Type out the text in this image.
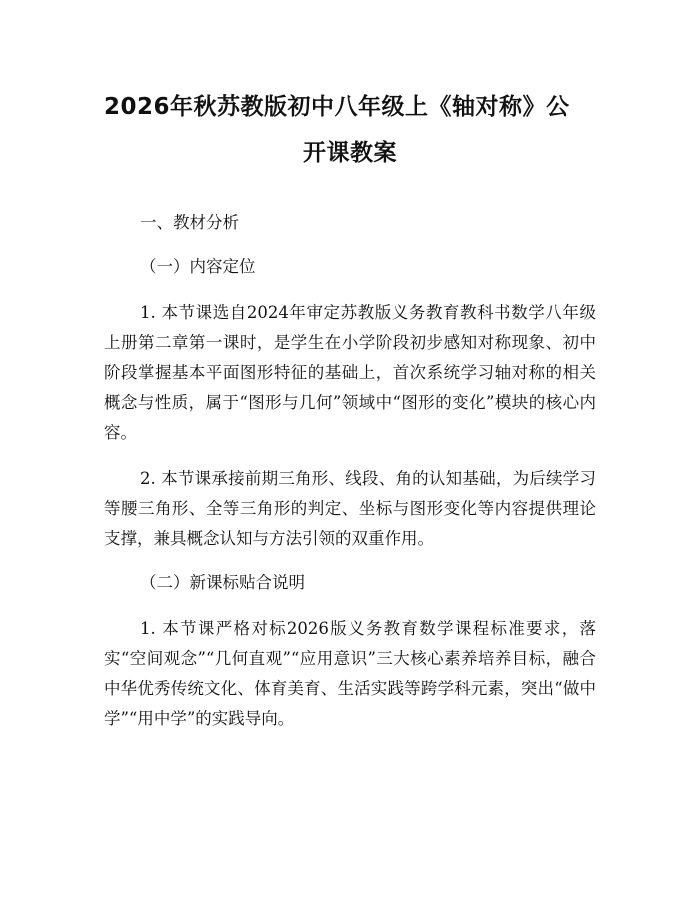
2026年秋苏教版初中八年级上《轴对称》公
开课教案

一、教材分析

（一）内容定位

1. 本节课选自2024年审定苏教版义务教育教科书数学八年级上册第二章第一课时，是学生在小学阶段初步感知对称现象、初中阶段掌握基本平面图形特征的基础上，首次系统学习轴对称的相关概念与性质，属于“图形与几何”领域中“图形的变化”模块的核心内容。

2. 本节课承接前期三角形、线段、角的认知基础，为后续学习等腰三角形、全等三角形的判定、坐标与图形变化等内容提供理论支撑，兼具概念认知与方法引领的双重作用。

（二）新课标贴合说明

1. 本节课严格对标2026版义务教育数学课程标准要求，落实“空间观念”“几何直观”“应用意识”三大核心素养培养目标，融合中华优秀传统文化、体育美育、生活实践等跨学科元素，突出“做中学”“用中学”的实践导向。
